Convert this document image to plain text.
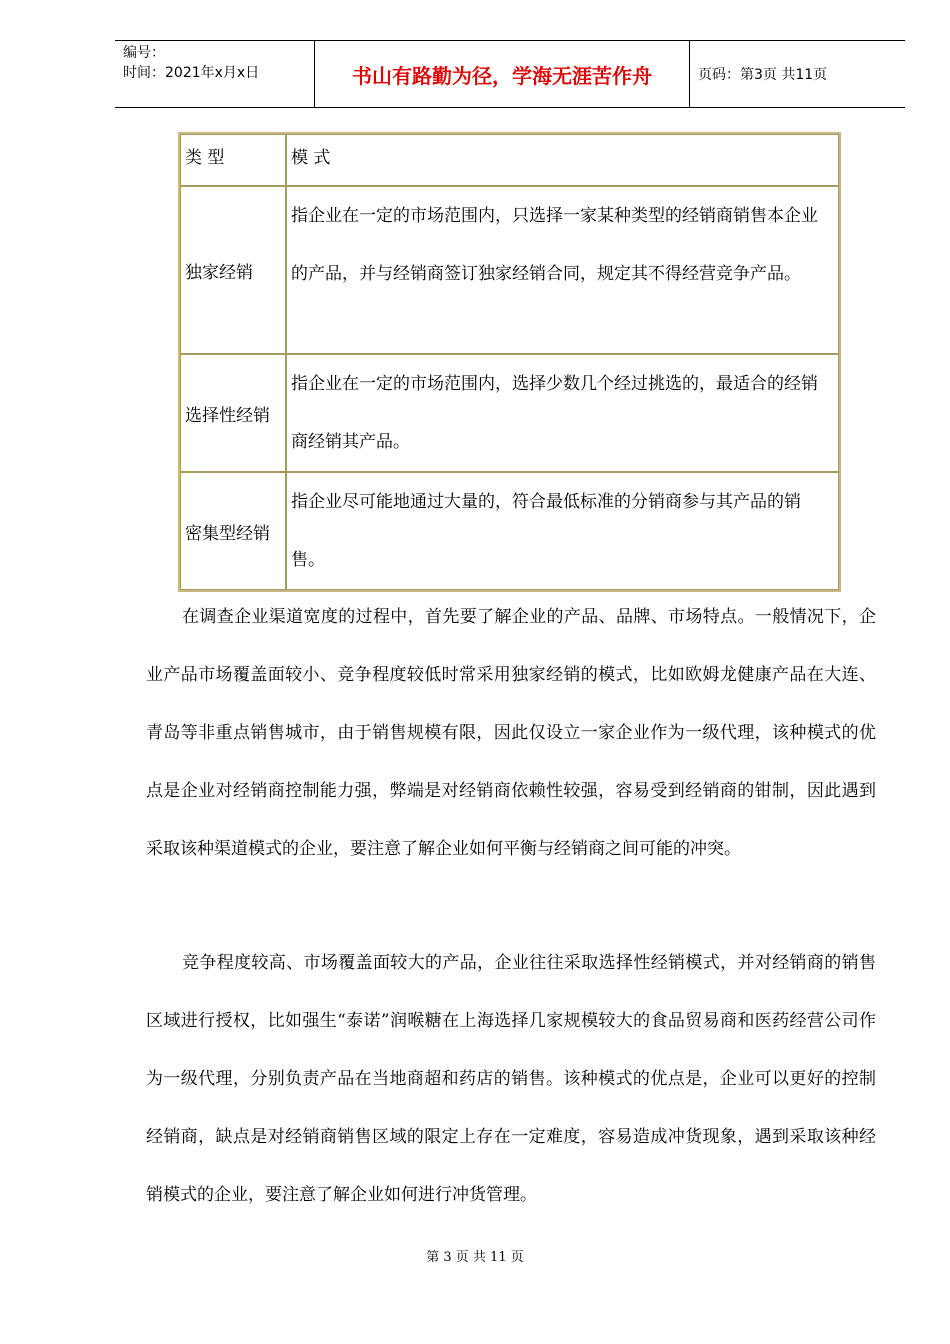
编号：
时间：2021年x月x日	书山有路勤为径，学海无涯苦作舟	页码：第3页 共11页
类 型	模 式
独家经销	指企业在一定的市场范围内，只选择一家某种类型的经销商销售本企业的产品，并与经销商签订独家经销合同，规定其不得经营竞争产品。
选择性经销	指企业在一定的市场范围内，选择少数几个经过挑选的，最适合的经销商经销其产品。
密集型经销	指企业尽可能地通过大量的，符合最低标准的分销商参与其产品的销售。

在调查企业渠道宽度的过程中，首先要了解企业的产品、品牌、市场特点。一般情况下，企业产品市场覆盖面较小、竞争程度较低时常采用独家经销的模式，比如欧姆龙健康产品在大连、青岛等非重点销售城市，由于销售规模有限，因此仅设立一家企业作为一级代理，该种模式的优点是企业对经销商控制能力强，弊端是对经销商依赖性较强，容易受到经销商的钳制，因此遇到采取该种渠道模式的企业，要注意了解企业如何平衡与经销商之间可能的冲突。

竞争程度较高、市场覆盖面较大的产品，企业往往采取选择性经销模式，并对经销商的销售区域进行授权，比如强生“泰诺”润喉糖在上海选择几家规模较大的食品贸易商和医药经营公司作为一级代理，分别负责产品在当地商超和药店的销售。该种模式的优点是，企业可以更好的控制经销商，缺点是对经销商销售区域的限定上存在一定难度，容易造成冲货现象，遇到采取该种经销模式的企业，要注意了解企业如何进行冲货管理。

第 3 页 共 11 页
